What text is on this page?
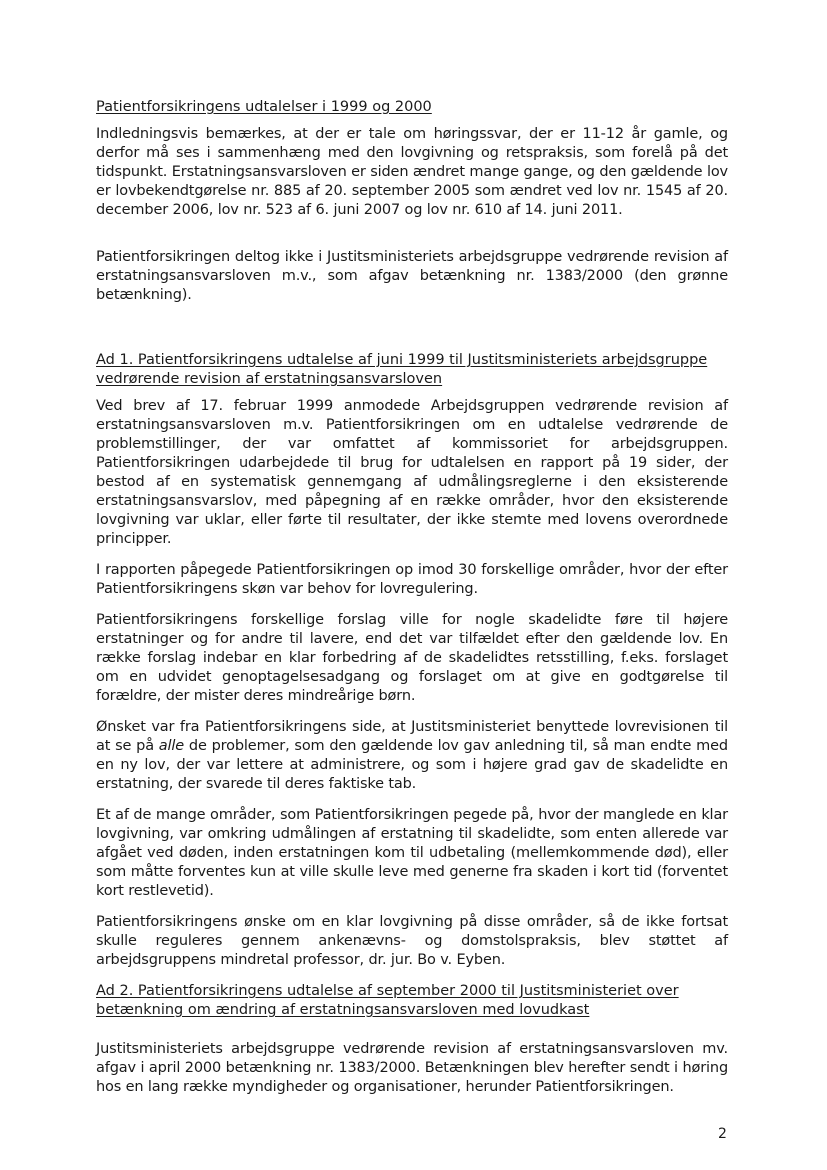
Patientforsikringens udtalelser i 1999 og 2000

Indledningsvis bemærkes, at der er tale om høringssvar, der er 11-12 år gamle, og derfor må ses i sammenhæng med den lovgivning og retspraksis, som forelå på det tidspunkt. Erstatningsansvarsloven er siden ændret mange gange, og den gældende lov er lovbekendtgørelse nr. 885 af 20. september 2005 som ændret ved lov nr. 1545 af 20. december 2006, lov nr. 523 af 6. juni 2007 og lov nr. 610 af 14. juni 2011.

Patientforsikringen deltog ikke i Justitsministeriets arbejdsgruppe vedrørende revision af erstatningsansvarsloven m.v., som afgav betænkning nr. 1383/2000 (den grønne betænkning).

Ad 1. Patientforsikringens udtalelse af juni 1999 til Justitsministeriets arbejdsgruppe vedrørende revision af erstatningsansvarsloven

Ved brev af 17. februar 1999 anmodede Arbejdsgruppen vedrørende revision af erstatningsansvarsloven m.v. Patientforsikringen om en udtalelse vedrørende de problemstillinger, der var omfattet af kommissoriet for arbejdsgruppen. Patientforsikringen udarbejdede til brug for udtalelsen en rapport på 19 sider, der bestod af en systematisk gennemgang af udmålingsreglerne i den eksisterende erstatningsansvarslov, med påpegning af en række områder, hvor den eksisterende lovgivning var uklar, eller førte til resultater, der ikke stemte med lovens overordnede principper.

I rapporten påpegede Patientforsikringen op imod 30 forskellige områder, hvor der efter Patientforsikringens skøn var behov for lovregulering.

Patientforsikringens forskellige forslag ville for nogle skadelidte føre til højere erstatninger og for andre til lavere, end det var tilfældet efter den gældende lov. En række forslag indebar en klar forbedring af de skadelidtes retsstilling, f.eks. forslaget om en udvidet genoptagelsesadgang og forslaget om at give en godtgørelse til forældre, der mister deres mindreårige børn.

Ønsket var fra Patientforsikringens side, at Justitsministeriet benyttede lovrevisionen til at se på alle de problemer, som den gældende lov gav anledning til, så man endte med en ny lov, der var lettere at administrere, og som i højere grad gav de skadelidte en erstatning, der svarede til deres faktiske tab.

Et af de mange områder, som Patientforsikringen pegede på, hvor der manglede en klar lovgivning, var omkring udmålingen af erstatning til skadelidte, som enten allerede var afgået ved døden, inden erstatningen kom til udbetaling (mellemkommende død), eller som måtte forventes kun at ville skulle leve med generne fra skaden i kort tid (forventet kort restlevetid).

Patientforsikringens ønske om en klar lovgivning på disse områder, så de ikke fortsat skulle reguleres gennem ankenævns- og domstolspraksis, blev støttet af arbejdsgruppens mindretal professor, dr. jur. Bo v. Eyben.

Ad 2. Patientforsikringens udtalelse af september 2000 til Justitsministeriet over betænkning om ændring af erstatningsansvarsloven med lovudkast

Justitsministeriets arbejdsgruppe vedrørende revision af erstatningsansvarsloven mv. afgav i april 2000 betænkning nr. 1383/2000. Betænkningen blev herefter sendt i høring hos en lang række myndigheder og organisationer, herunder Patientforsikringen.

2
